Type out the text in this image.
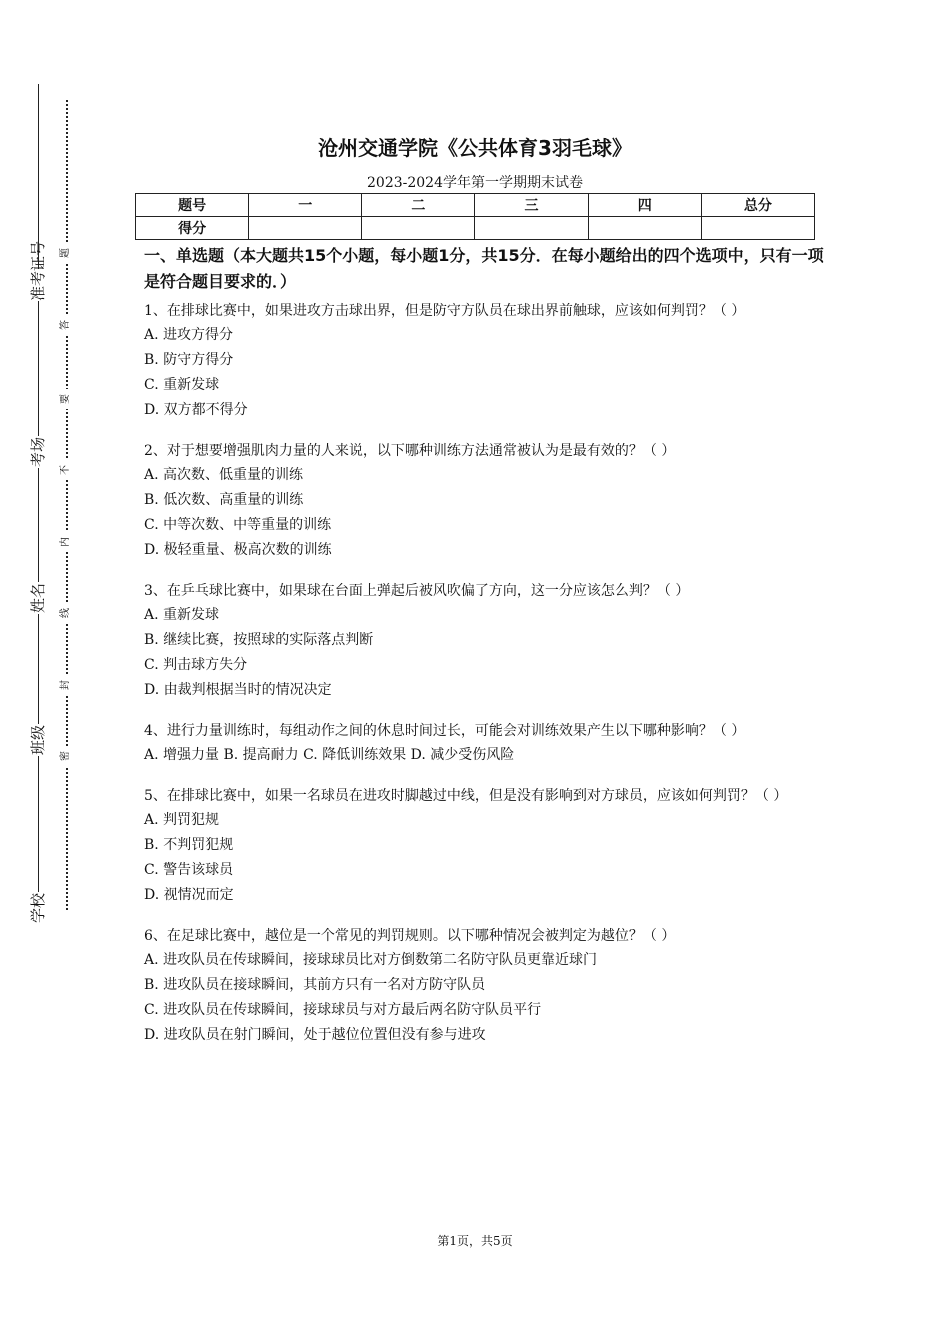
准考证号
考场
姓名
班级
学校
题
答
要
不
内
线
封
密
沧州交通学院《公共体育3羽毛球》
2023-2024学年第一学期期末试卷
题号	一	二	三	四	总分
得分					
一、单选题（本大题共15个小题，每小题1分，共15分．在每小题给出的四个选项中，只有一项是符合题目要求的．）
1、在排球比赛中，如果进攻方击球出界，但是防守方队员在球出界前触球，应该如何判罚？（ ）
A. 进攻方得分
B. 防守方得分
C. 重新发球
D. 双方都不得分
2、对于想要增强肌肉力量的人来说，以下哪种训练方法通常被认为是最有效的？（ ）
A. 高次数、低重量的训练
B. 低次数、高重量的训练
C. 中等次数、中等重量的训练
D. 极轻重量、极高次数的训练
3、在乒乓球比赛中，如果球在台面上弹起后被风吹偏了方向，这一分应该怎么判？（ ）
A. 重新发球
B. 继续比赛，按照球的实际落点判断
C. 判击球方失分
D. 由裁判根据当时的情况决定
4、进行力量训练时，每组动作之间的休息时间过长，可能会对训练效果产生以下哪种影响？（ ）
A. 增强力量 B. 提高耐力 C. 降低训练效果 D. 减少受伤风险
5、在排球比赛中，如果一名球员在进攻时脚越过中线，但是没有影响到对方球员，应该如何判罚？（ ）
A. 判罚犯规
B. 不判罚犯规
C. 警告该球员
D. 视情况而定
6、在足球比赛中，越位是一个常见的判罚规则。以下哪种情况会被判定为越位？（ ）
A. 进攻队员在传球瞬间，接球球员比对方倒数第二名防守队员更靠近球门
B. 进攻队员在接球瞬间，其前方只有一名对方防守队员
C. 进攻队员在传球瞬间，接球球员与对方最后两名防守队员平行
D. 进攻队员在射门瞬间，处于越位位置但没有参与进攻
第1页，共5页
